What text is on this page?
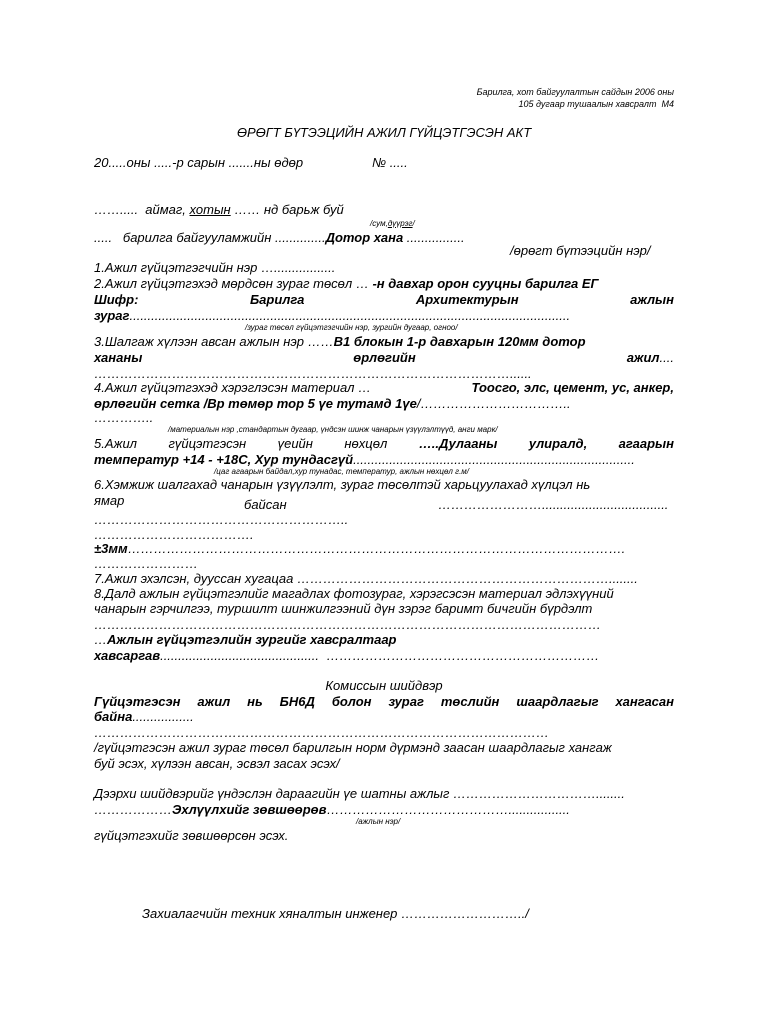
Барилга, хот байгуулалтын сайдын 2006 оны
105 дугаар тушаалын хавсралт  М4
ӨРӨГТ БҮТЭЭЦИЙН АЖИЛ ГҮЙЦЭТГЭСЭН АКТ
20.....оны .....-р сарын .......ны өдөр	№ .....
…….....  аймаг, хотын …… нд барьж буй
/сум,дүүрэг/
.....   барилга байгууламжийн ..............Дотор хана ................
/өрөгт бүтээцийн нэр/
1.Ажил гүйцэтгэгчийн нэр ….................
2.Ажил гүйцэтгэхэд мөрдсөн зураг төсөл … -н давхар орон сууцны барилга ЕГ
Шифр:	Барилга	Архитектурын	ажлын
зураг..........................................................................................................................
/зураг төсөл гүйцэтгэгчийн нэр, зургийн дугаар, огноо/
3.Шалгаж хүлээн авсан ажлын нэр ……В1 блокын 1-р давхарын 120мм дотор
хананы	өрлөгийн	ажил....
……………………………………………………………………………………......
4.Ажил гүйцэтгэхэд хэрэглэсэн материал …	Тоосго, элс, цемент, ус, анкер,
өрлөгийн сетка /Вр төмөр тор 5 үе тутамд 1үе/……………………………..
…………..
/материалын нэр ,стандартын дугаар, үндсэн шинж чанарын үзүүлэлтүүд, анги марк/
5.Ажил гүйцэтгэсэн үеийн нөхцөл …..Дулааны улиралд, агаарын
температур +14 - +18С, Хур тундасгүй..............................................................................
/цаг агаарын байдал,хур тунадас, температур, ажлын нөхцөл г.м/
6.Хэмжиж шалгахад чанарын үзүүлэлт, зураг төсөлтэй харьцуулахад хүлцэл нь
ямар	байсан	……………………...................................
…………………………………………………..
……………………………….
±3мм…………………………………………………………………………………………………….
……………………
7.Ажил эхэлсэн, дууссан хугацаа ………………………………………………………………........
8.Далд ажлын гүйцэтгэлийг магадлах фотозураг, хэрэгсэсэн материал эдлэхүүний
чанарын гэрчилгээ, туршилт шинжилгээний дүн зэрэг баримт бичгийн бүрдэлт
………………………………………………………………………………………………………
…Ажлын гүйцэтгэлийн зургийг хавсралтаар
хавсаргав............................................  ………………………………………………………
Комиссын шийдвэр
Гүйцэтгэсэн ажил нь БН6Д болон зураг төслийн шаардлагыг хангасан
байна.................
……………………………………………………………………………………………
/гүйцэтгэсэн ажил зураг төсөл барилгын норм дүрмэнд заасан шаардлагыг хангаж
буй эсэх, хүлээн авсан, эсвэл засах эсэх/
Дээрхи шийдвэрийг үндэслэн дараагийн үе шатны ажлыг ……………………………........
………………Эхлүүлхийг зөвшөөрөв…………………………………….................
/ажлын нэр/
гүйцэтгэхийг зөвшөөрсөн эсэх.
Захиалагчийн техник хяналтын инженер ………………………../
